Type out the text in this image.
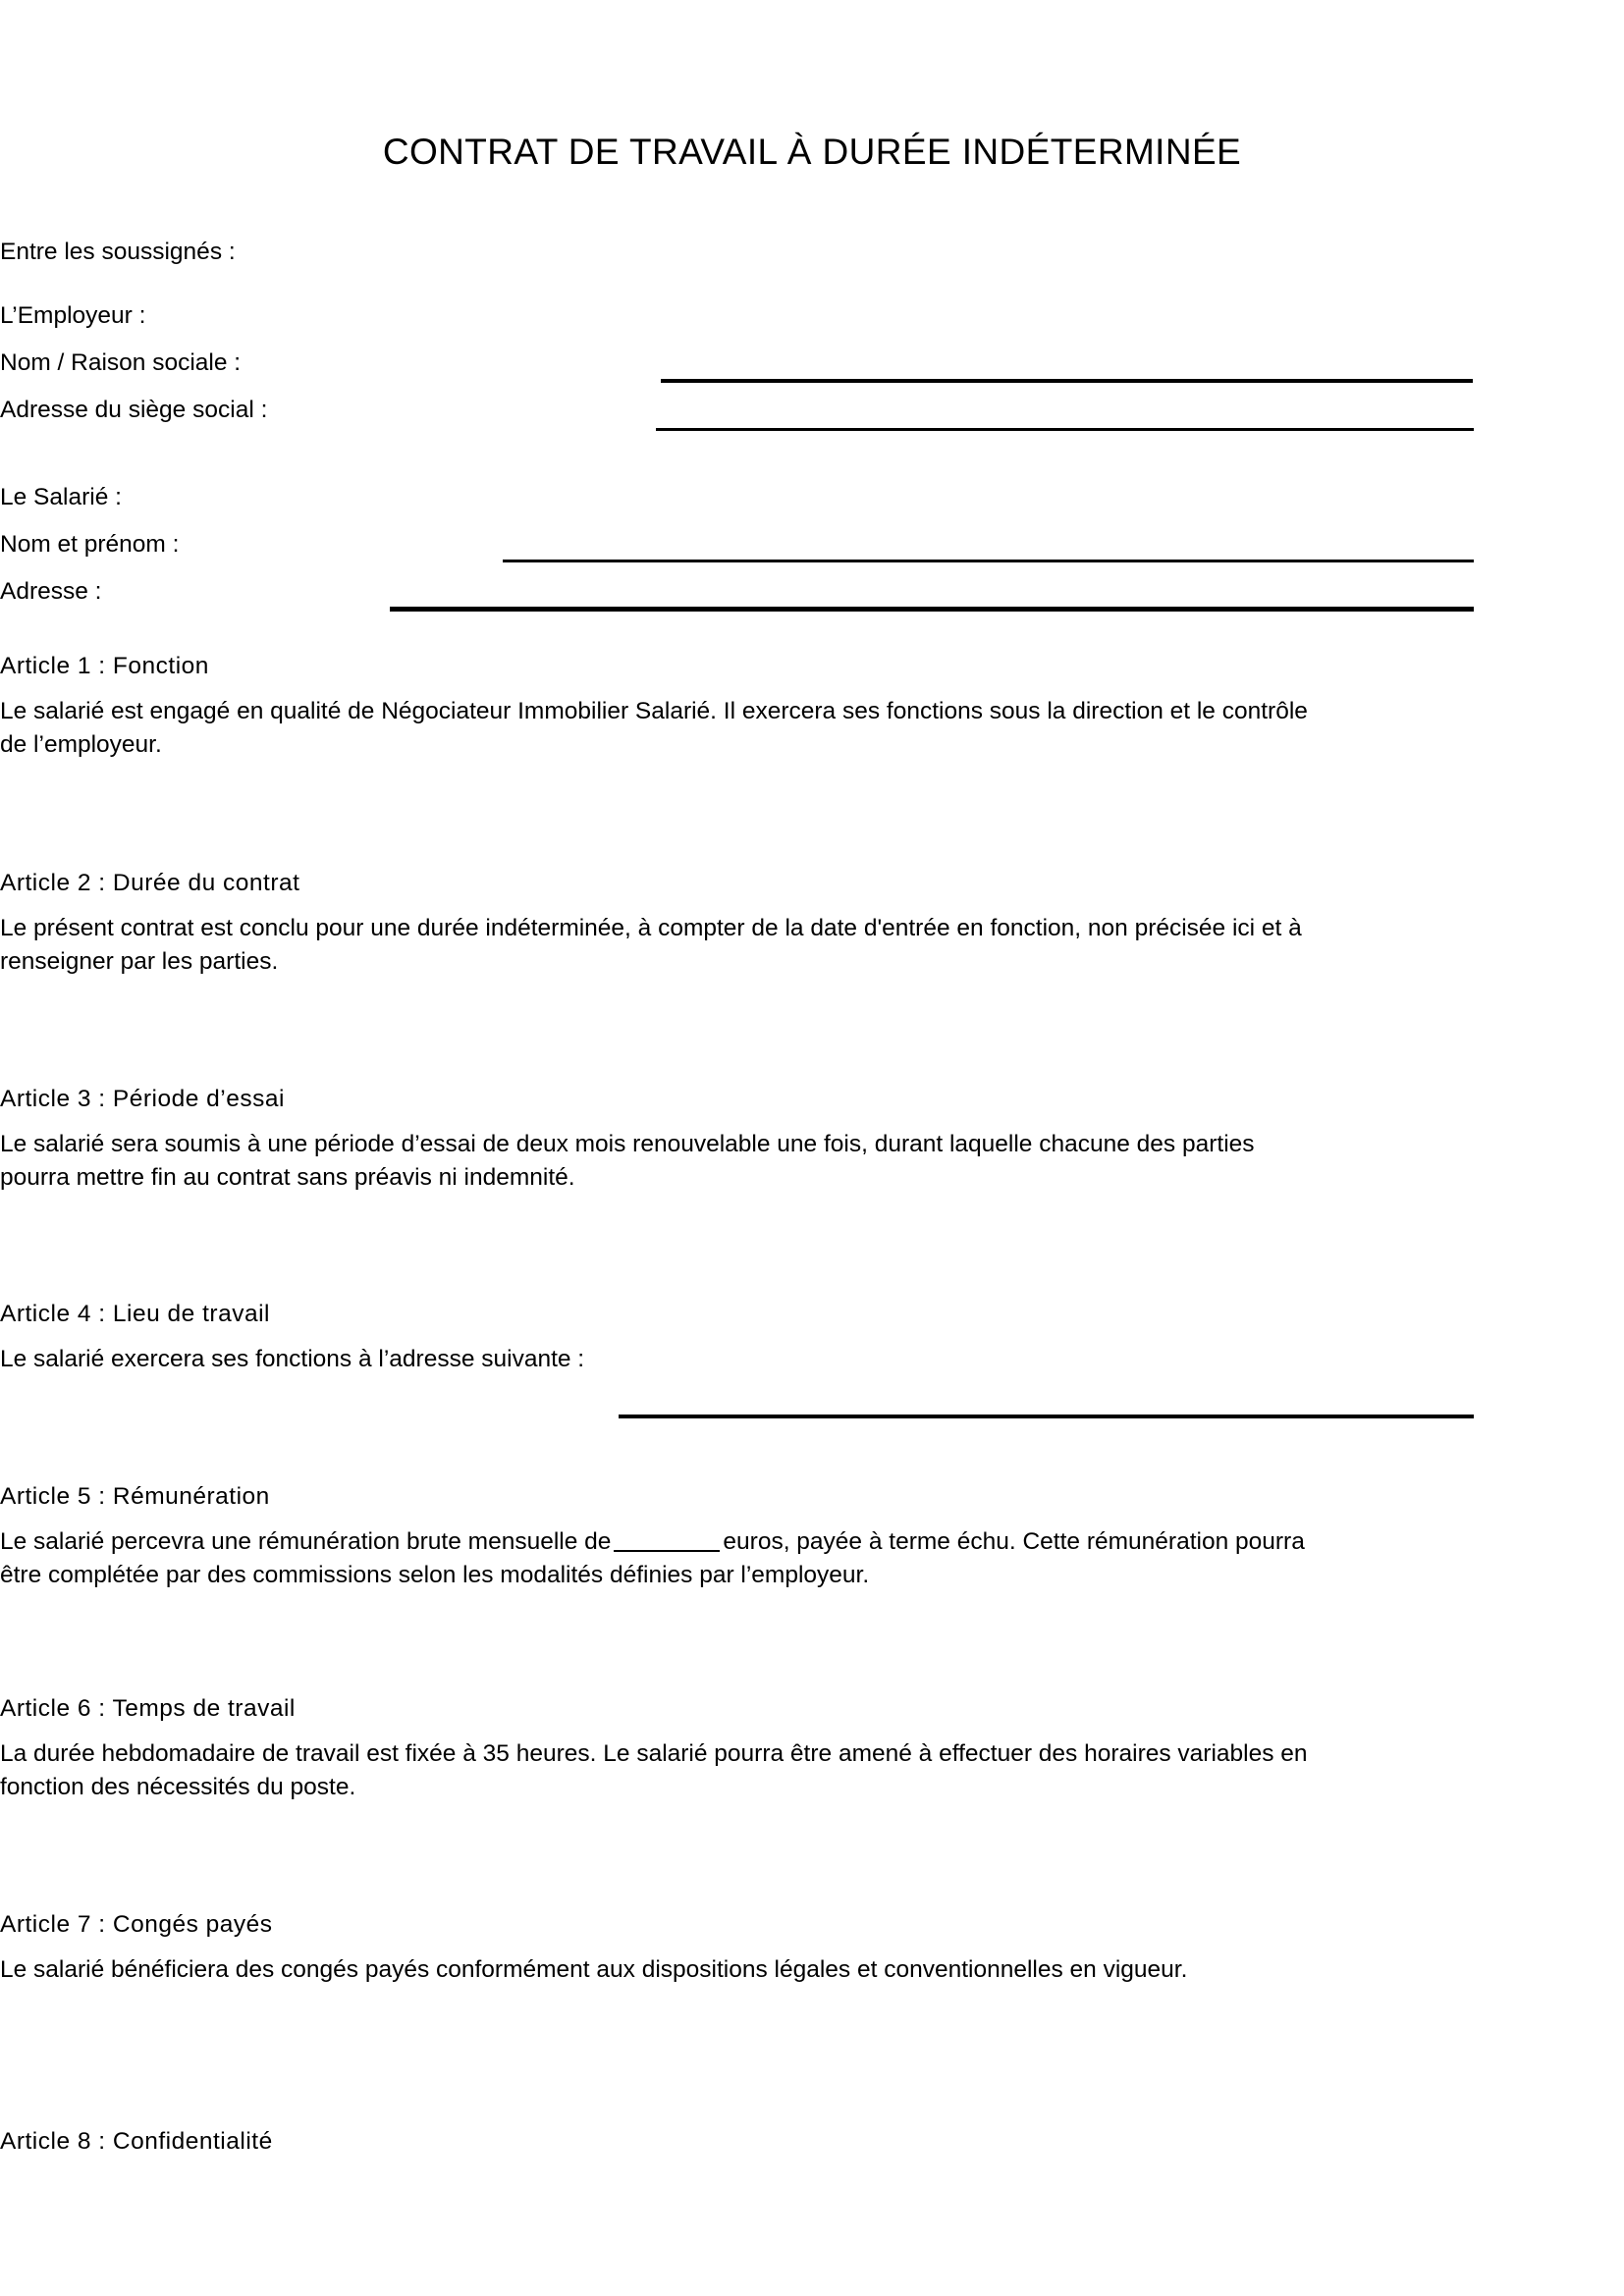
CONTRAT DE TRAVAIL À DURÉE INDÉTERMINÉE
Entre les soussignés :
L’Employeur :
Nom / Raison sociale :
Adresse du siège social :
Le Salarié :
Nom et prénom :
Adresse :
Article 1 : Fonction
Le salarié est engagé en qualité de Négociateur Immobilier Salarié. Il exercera ses fonctions sous la direction et le contrôle de l’employeur.
Article 2 : Durée du contrat
Le présent contrat est conclu pour une durée indéterminée, à compter de la date d'entrée en fonction, non précisée ici et à renseigner par les parties.
Article 3 : Période d’essai
Le salarié sera soumis à une période d’essai de deux mois renouvelable une fois, durant laquelle chacune des parties pourra mettre fin au contrat sans préavis ni indemnité.
Article 4 : Lieu de travail
Le salarié exercera ses fonctions à l’adresse suivante :
Article 5 : Rémunération
Le salarié percevra une rémunération brute mensuelle de	euros, payée à terme échu. Cette rémunération pourra être complétée par des commissions selon les modalités définies par l’employeur.
Article 6 : Temps de travail
La durée hebdomadaire de travail est fixée à 35 heures. Le salarié pourra être amené à effectuer des horaires variables en fonction des nécessités du poste.
Article 7 : Congés payés
Le salarié bénéficiera des congés payés conformément aux dispositions légales et conventionnelles en vigueur.
Article 8 : Confidentialité
